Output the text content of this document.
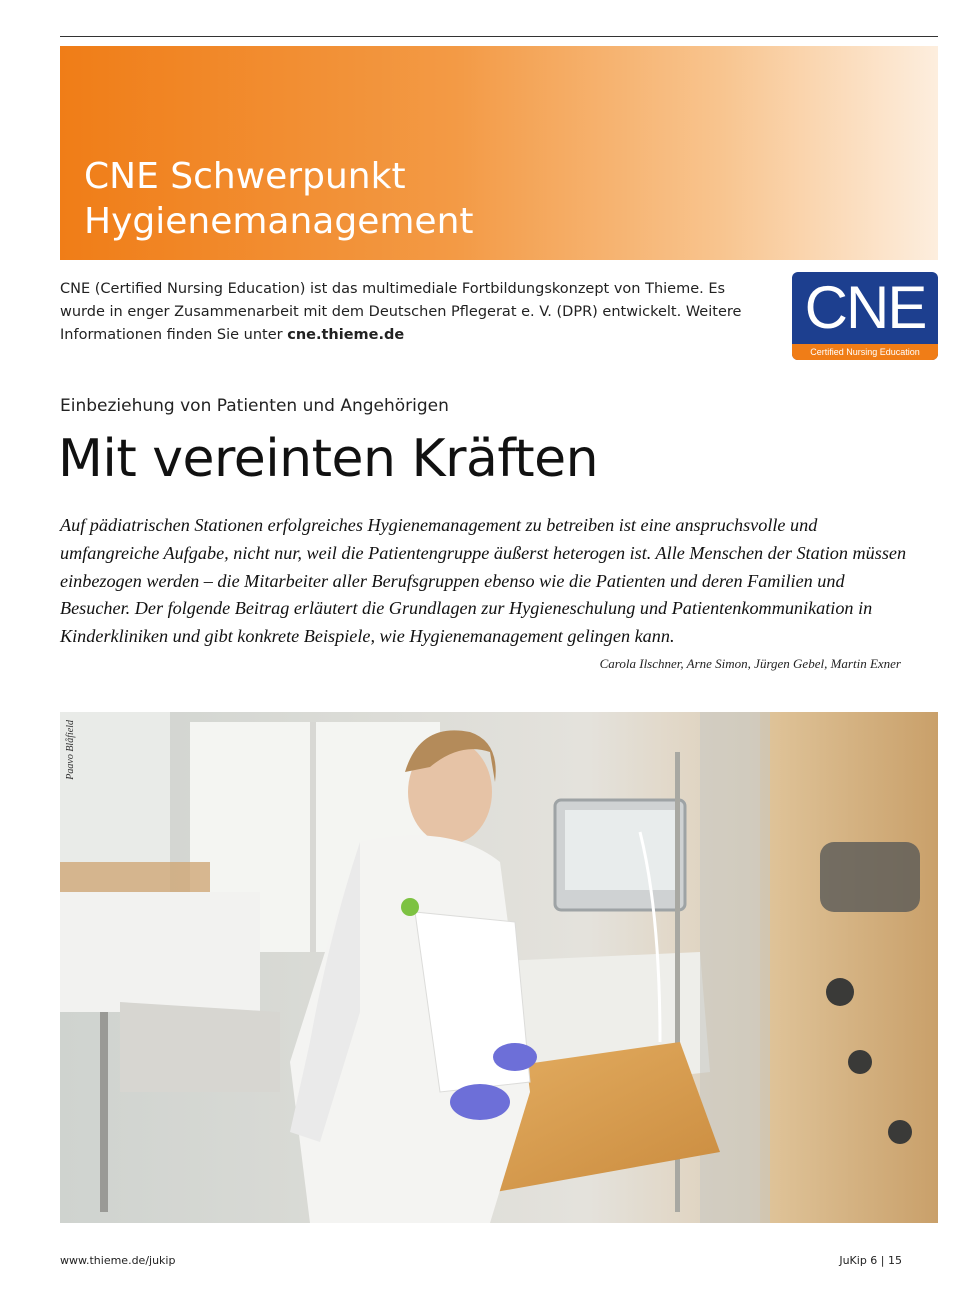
CNE Schwerpunkt
Hygienemanagement
CNE (Certified Nursing Education) ist das multimediale Fortbildungskonzept von Thieme. Es wurde in enger Zusammenarbeit mit dem Deutschen Pflegerat e. V. (DPR) entwickelt. Weitere Informationen finden Sie unter cne.thieme.de	CNE
Certified Nursing Education
Einbeziehung von Patienten und Angehörigen
Mit vereinten Kräften

Auf pädiatrischen Stationen erfolgreiches Hygienemanagement zu betreiben ist eine anspruchsvolle und umfangreiche Aufgabe, nicht nur, weil die Patientengruppe äußerst heterogen ist. Alle Menschen der Station müssen einbezogen werden – die Mitarbeiter aller Berufsgruppen ebenso wie die Patienten und deren Familien und Besucher. Der folgende Beitrag erläutert die Grundlagen zur Hygieneschulung und Patientenkommunikation in Kinderkliniken und gibt konkrete Beispiele, wie Hygienemanagement gelingen kann.

Carola Ilschner, Arne Simon, Jürgen Gebel, Martin Exner
Paavo Blåfield
www.thieme.de/jukip	JuKip 6 | 15
